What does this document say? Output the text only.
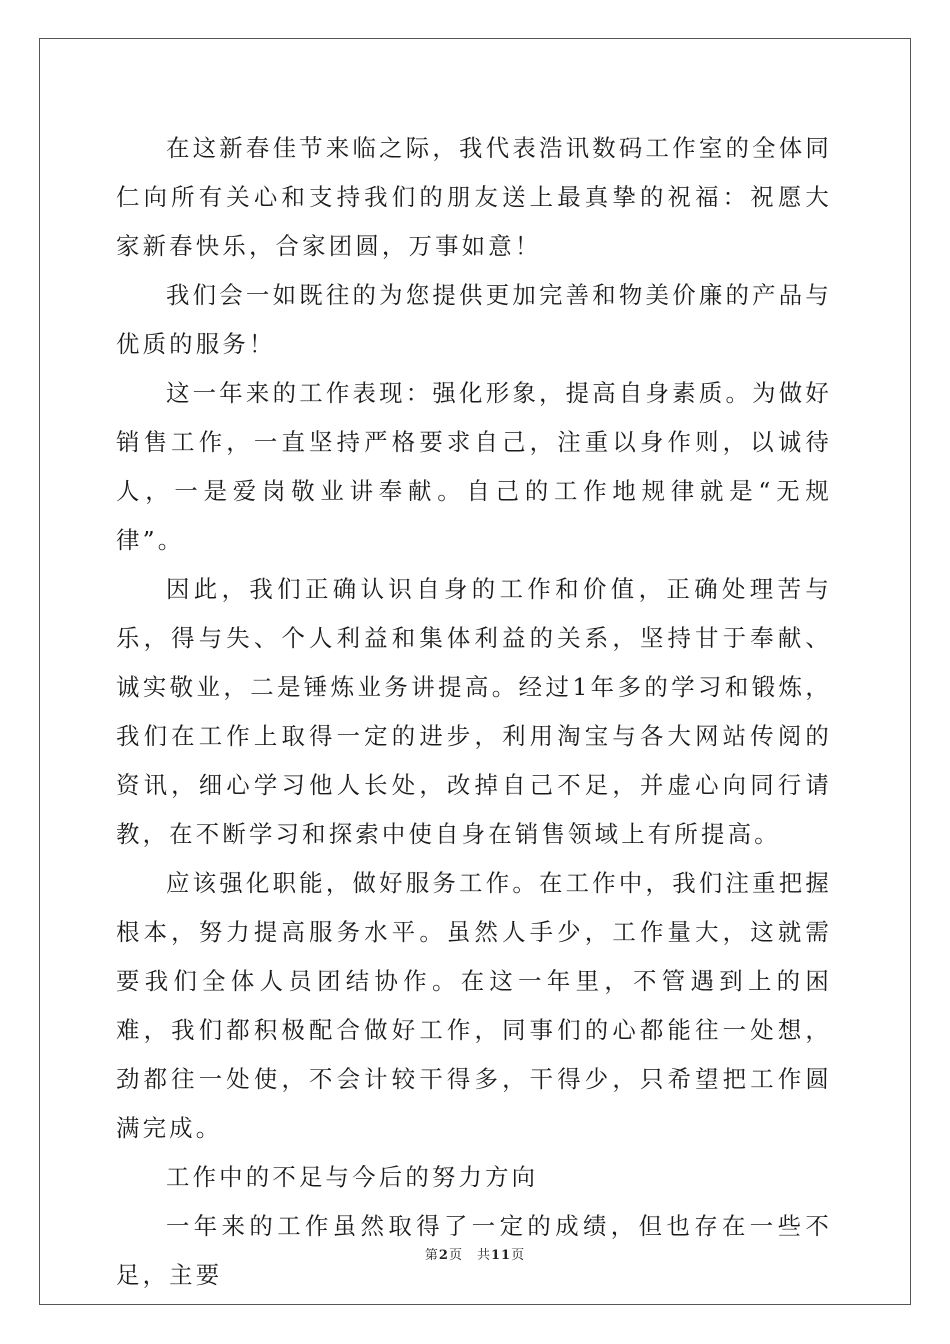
在这新春佳节来临之际，我代表浩讯数码工作室的全体同仁向所有关心和支持我们的朋友送上最真挚的祝福：祝愿大家新春快乐，合家团圆，万事如意！

我们会一如既往的为您提供更加完善和物美价廉的产品与优质的服务！

这一年来的工作表现：强化形象，提高自身素质。为做好销售工作，一直坚持严格要求自己，注重以身作则，以诚待人，一是爱岗敬业讲奉献。自己的工作地规律就是“无规律”。

因此，我们正确认识自身的工作和价值，正确处理苦与乐，得与失、个人利益和集体利益的关系，坚持甘于奉献、诚实敬业，二是锤炼业务讲提高。经过1年多的学习和锻炼，我们在工作上取得一定的进步，利用淘宝与各大网站传阅的资讯，细心学习他人长处，改掉自己不足，并虚心向同行请教，在不断学习和探索中使自身在销售领域上有所提高。

应该强化职能，做好服务工作。在工作中，我们注重把握根本，努力提高服务水平。虽然人手少，工作量大，这就需要我们全体人员团结协作。在这一年里，不管遇到上的困难，我们都积极配合做好工作，同事们的心都能往一处想，劲都往一处使，不会计较干得多，干得少，只希望把工作圆满完成。

工作中的不足与今后的努力方向

一年来的工作虽然取得了一定的成绩，但也存在一些不足，主要

第2页 共11页
